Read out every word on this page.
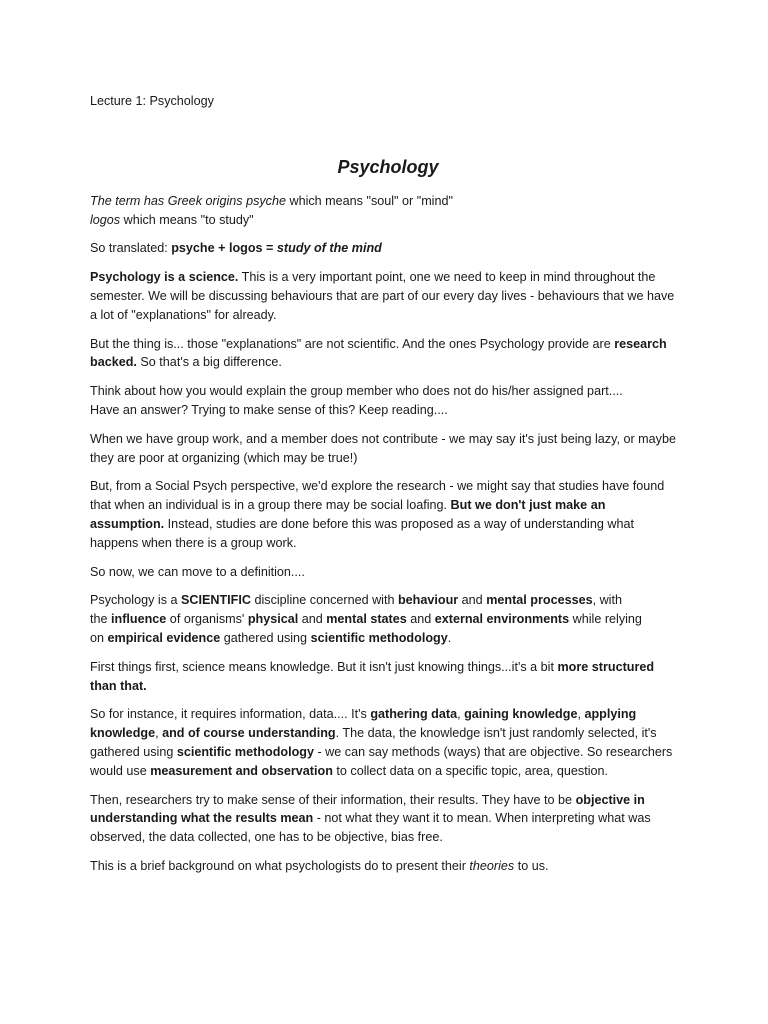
Lecture 1: Psychology
Psychology

The term has Greek origins psyche which means "soul" or "mind"
logos which means "to study"

So translated: psyche + logos = study of the mind

Psychology is a science. This is a very important point, one we need to keep in mind throughout the semester. We will be discussing behaviours that are part of our every day lives - behaviours that we have a lot of "explanations" for already.

But the thing is... those "explanations" are not scientific. And the ones Psychology provide are research backed. So that's a big difference.

Think about how you would explain the group member who does not do his/her assigned part....
Have an answer? Trying to make sense of this? Keep reading....

When we have group work, and a member does not contribute - we may say it's just being lazy, or maybe they are poor at organizing (which may be true!)

But, from a Social Psych perspective, we'd explore the research - we might say that studies have found that when an individual is in a group there may be social loafing. But we don't just make an assumption. Instead, studies are done before this was proposed as a way of understanding what happens when there is a group work.

So now, we can move to a definition....

Psychology is a SCIENTIFIC discipline concerned with behaviour and mental processes, with
the influence of organisms' physical and mental states and external environments while relying
on empirical evidence gathered using scientific methodology.

First things first, science means knowledge. But it isn't just knowing things...it's a bit more structured than that.

So for instance, it requires information, data.... It's gathering data, gaining knowledge, applying knowledge, and of course understanding. The data, the knowledge isn't just randomly selected, it's gathered using scientific methodology - we can say methods (ways) that are objective. So researchers would use measurement and observation to collect data on a specific topic, area, question.

Then, researchers try to make sense of their information, their results. They have to be objective in understanding what the results mean - not what they want it to mean. When interpreting what was observed, the data collected, one has to be objective, bias free.

This is a brief background on what psychologists do to present their theories to us.
